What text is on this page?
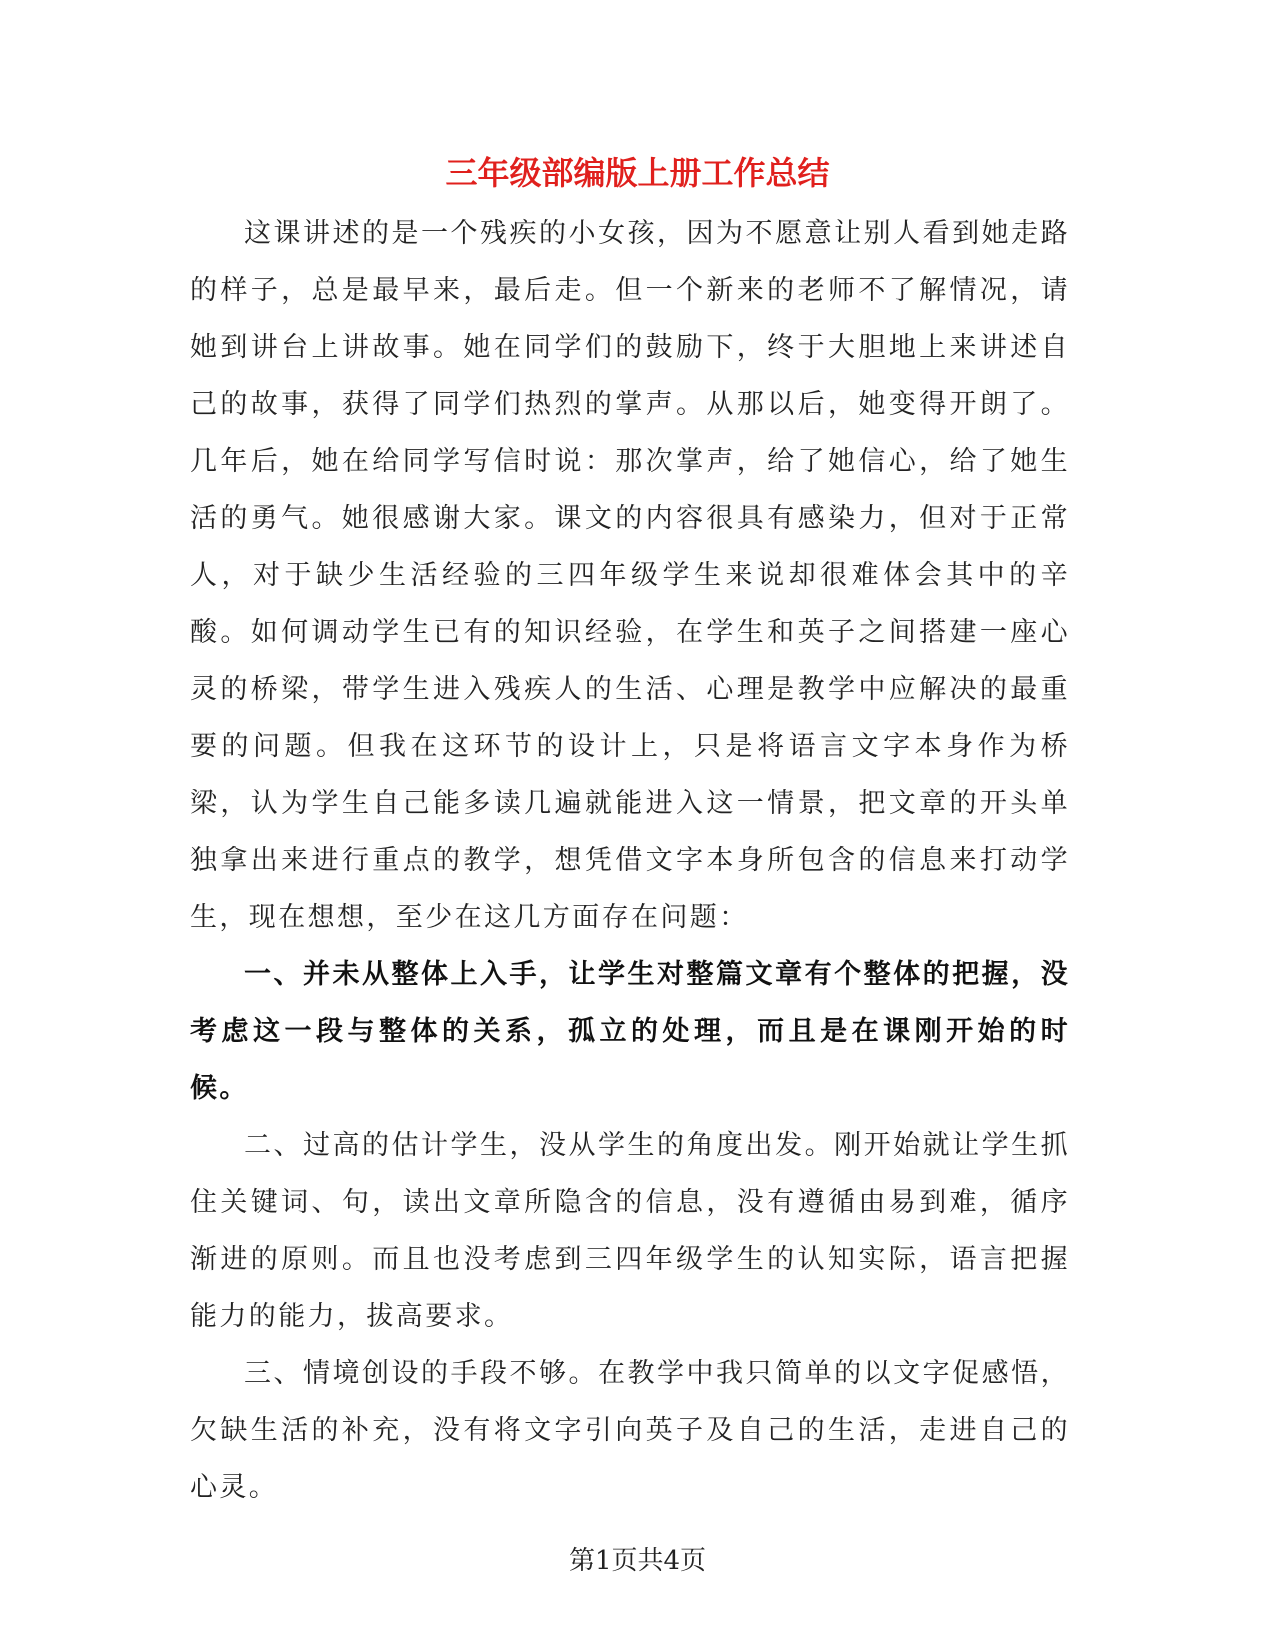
三年级部编版上册工作总结

这课讲述的是一个残疾的小女孩，因为不愿意让别人看到她走路的样子，总是最早来，最后走。但一个新来的老师不了解情况，请她到讲台上讲故事。她在同学们的鼓励下，终于大胆地上来讲述自己的故事，获得了同学们热烈的掌声。从那以后，她变得开朗了。几年后，她在给同学写信时说：那次掌声，给了她信心，给了她生活的勇气。她很感谢大家。课文的内容很具有感染力，但对于正常人，对于缺少生活经验的三四年级学生来说却很难体会其中的辛酸。如何调动学生已有的知识经验，在学生和英子之间搭建一座心灵的桥梁，带学生进入残疾人的生活、心理是教学中应解决的最重要的问题。但我在这环节的设计上，只是将语言文字本身作为桥梁，认为学生自己能多读几遍就能进入这一情景，把文章的开头单独拿出来进行重点的教学，想凭借文字本身所包含的信息来打动学生，现在想想，至少在这几方面存在问题：

一、并未从整体上入手，让学生对整篇文章有个整体的把握，没考虑这一段与整体的关系，孤立的处理，而且是在课刚开始的时候。

二、过高的估计学生，没从学生的角度出发。刚开始就让学生抓住关键词、句，读出文章所隐含的信息，没有遵循由易到难，循序渐进的原则。而且也没考虑到三四年级学生的认知实际，语言把握能力的能力，拔高要求。

三、情境创设的手段不够。在教学中我只简单的以文字促感悟，欠缺生活的补充，没有将文字引向英子及自己的生活，走进自己的心灵。

第1页共4页
